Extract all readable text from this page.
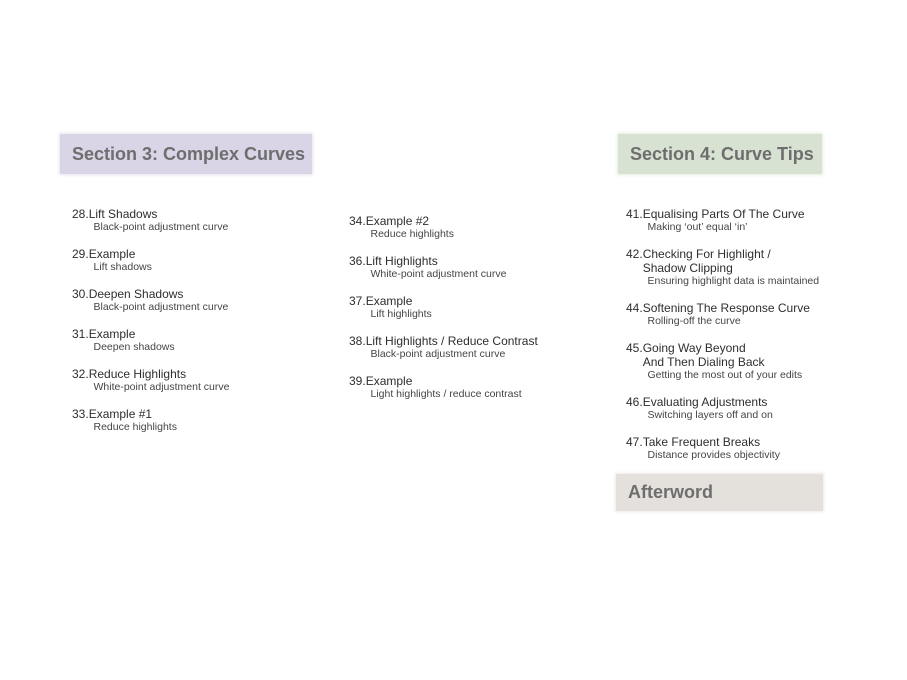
Section 3: Complex Curves	Section 4: Curve Tips
Afterword
28. Lift Shadows
Black-point adjustment curve
29. Example
Lift shadows
30. Deepen Shadows
Black-point adjustment curve
31. Example
Deepen shadows
32. Reduce Highlights
White-point adjustment curve
33. Example #1
Reduce highlights
34. Example #2
Reduce highlights
36. Lift Highlights
White-point adjustment curve
37. Example
Lift highlights
38. Lift Highlights / Reduce Contrast
Black-point adjustment curve
39. Example
Light highlights / reduce contrast
41. Equalising Parts Of The Curve
Making ‘out’ equal ‘in’
42. Checking For Highlight /
Shadow Clipping
Ensuring highlight data is maintained
44. Softening The Response Curve
Rolling-off the curve
45. Going Way Beyond
And Then Dialing Back
Getting the most out of your edits
46. Evaluating Adjustments
Switching layers off and on
47. Take Frequent Breaks
Distance provides objectivity
